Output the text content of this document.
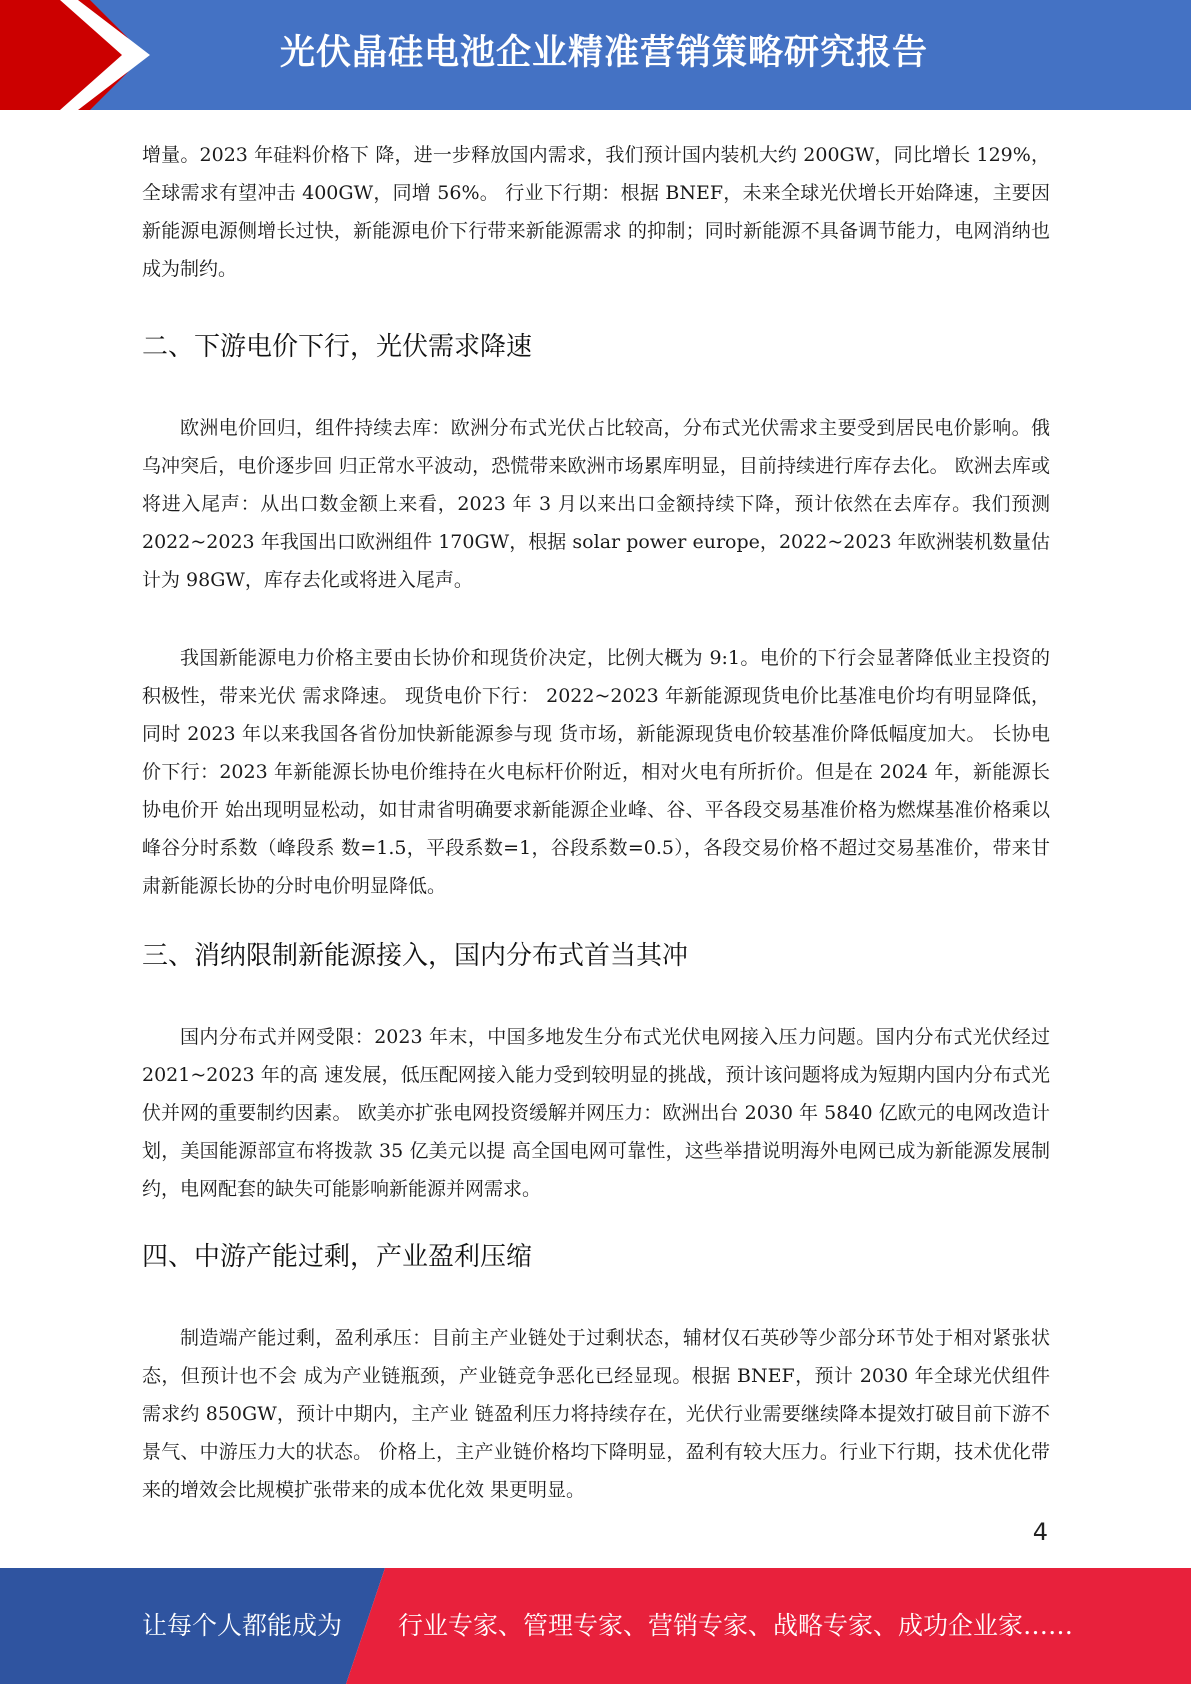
光伏晶硅电池企业精准营销策略研究报告

增量。2023 年硅料价格下 降，进一步释放国内需求，我们预计国内装机大约 200GW，同比增长 129%，全球需求有望冲击 400GW，同增 56%。 行业下行期：根据 BNEF，未来全球光伏增长开始降速，主要因新能源电源侧增长过快，新能源电价下行带来新能源需求 的抑制；同时新能源不具备调节能力，电网消纳也成为制约。

二、下游电价下行，光伏需求降速

欧洲电价回归，组件持续去库：欧洲分布式光伏占比较高，分布式光伏需求主要受到居民电价影响。俄乌冲突后，电价逐步回 归正常水平波动，恐慌带来欧洲市场累库明显，目前持续进行库存去化。 欧洲去库或将进入尾声：从出口数金额上来看，2023 年 3 月以来出口金额持续下降，预计依然在去库存。我们预测 2022~2023 年我国出口欧洲组件 170GW，根据 solar power europe，2022~2023 年欧洲装机数量估计为 98GW，库存去化或将进入尾声。

我国新能源电力价格主要由长协价和现货价决定，比例大概为 9:1。电价的下行会显著降低业主投资的积极性，带来光伏 需求降速。 现货电价下行： 2022~2023 年新能源现货电价比基准电价均有明显降低， 同时 2023 年以来我国各省份加快新能源参与现 货市场，新能源现货电价较基准价降低幅度加大。 长协电价下行：2023 年新能源长协电价维持在火电标杆价附近，相对火电有所折价。但是在 2024 年，新能源长协电价开 始出现明显松动，如甘肃省明确要求新能源企业峰、谷、平各段交易基准价格为燃煤基准价格乘以峰谷分时系数（峰段系 数=1.5，平段系数=1，谷段系数=0.5），各段交易价格不超过交易基准价，带来甘肃新能源长协的分时电价明显降低。

三、消纳限制新能源接入，国内分布式首当其冲

国内分布式并网受限：2023 年末，中国多地发生分布式光伏电网接入压力问题。国内分布式光伏经过 2021~2023 年的高 速发展，低压配网接入能力受到较明显的挑战，预计该问题将成为短期内国内分布式光伏并网的重要制约因素。 欧美亦扩张电网投资缓解并网压力：欧洲出台 2030 年 5840 亿欧元的电网改造计划，美国能源部宣布将拨款 35 亿美元以提 高全国电网可靠性，这些举措说明海外电网已成为新能源发展制约，电网配套的缺失可能影响新能源并网需求。

四、中游产能过剩，产业盈利压缩

制造端产能过剩，盈利承压：目前主产业链处于过剩状态，辅材仅石英砂等少部分环节处于相对紧张状态，但预计也不会 成为产业链瓶颈，产业链竞争恶化已经显现。根据 BNEF，预计 2030 年全球光伏组件需求约 850GW，预计中期内，主产业 链盈利压力将持续存在，光伏行业需要继续降本提效打破目前下游不景气、中游压力大的状态。 价格上，主产业链价格均下降明显，盈利有较大压力。行业下行期，技术优化带来的增效会比规模扩张带来的成本优化效 果更明显。

4
让每个人都能成为 行业专家、管理专家、营销专家、战略专家、成功企业家……
